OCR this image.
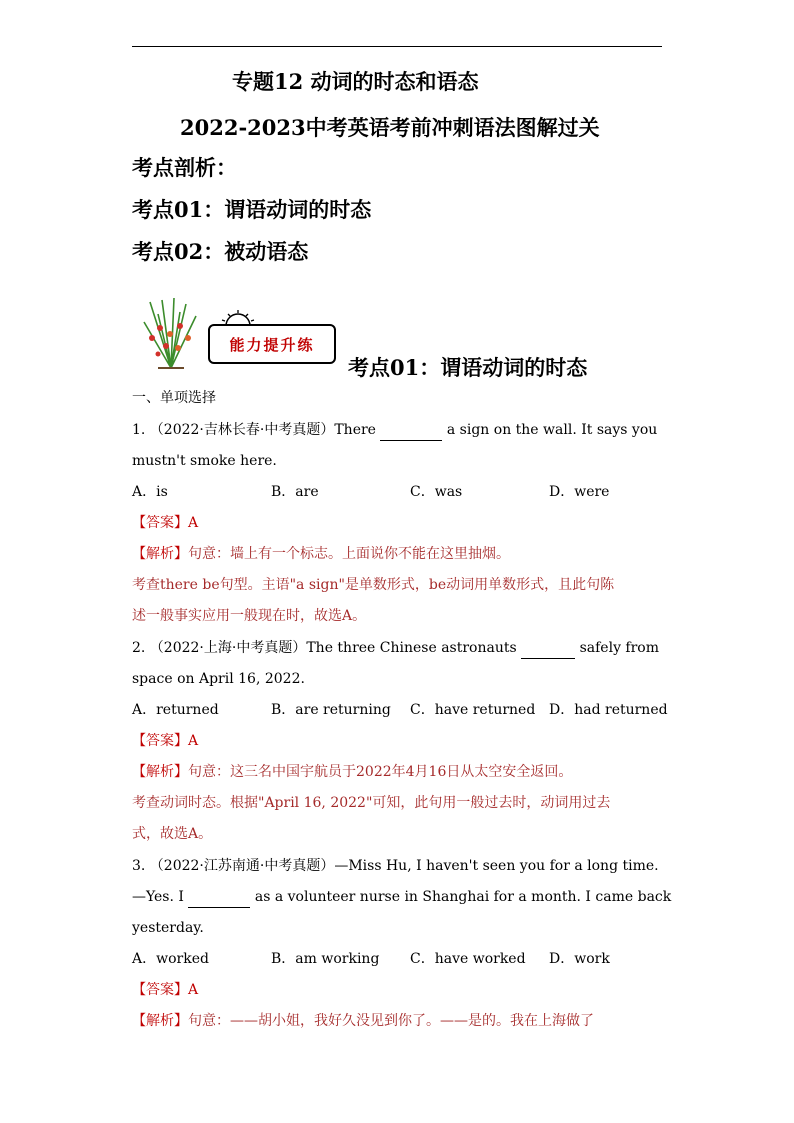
专题12 动词的时态和语态
2022-2023中考英语考前冲刺语法图解过关
考点剖析：
考点01：谓语动词的时态
考点02：被动语态
能力提升练
考点01：谓语动词的时态
一、单项选择
1. （2022·吉林长春·中考真题）There	a sign on the wall. It says you
mustn't smoke here.
A．is	B．are	C．was	D．were
【答案】A
【解析】句意：墙上有一个标志。上面说你不能在这里抽烟。
考查there be句型。主语"a sign"是单数形式，be动词用单数形式，且此句陈
述一般事实应用一般现在时，故选A。
2. （2022·上海·中考真题）The three Chinese astronauts	safely from
space on April 16, 2022.
A．returned	B．are returning C．have returned D．had returned
【答案】A
【解析】句意：这三名中国宇航员于2022年4月16日从太空安全返回。
考查动词时态。根据"April 16, 2022"可知，此句用一般过去时，动词用过去
式，故选A。
3. （2022·江苏南通·中考真题）—Miss Hu, I haven't seen you for a long time.
—Yes. I	as a volunteer nurse in Shanghai for a month. I came back
yesterday.
A．worked	B．am working C．have worked D．work
【答案】A
【解析】句意：——胡小姐，我好久没见到你了。——是的。我在上海做了
